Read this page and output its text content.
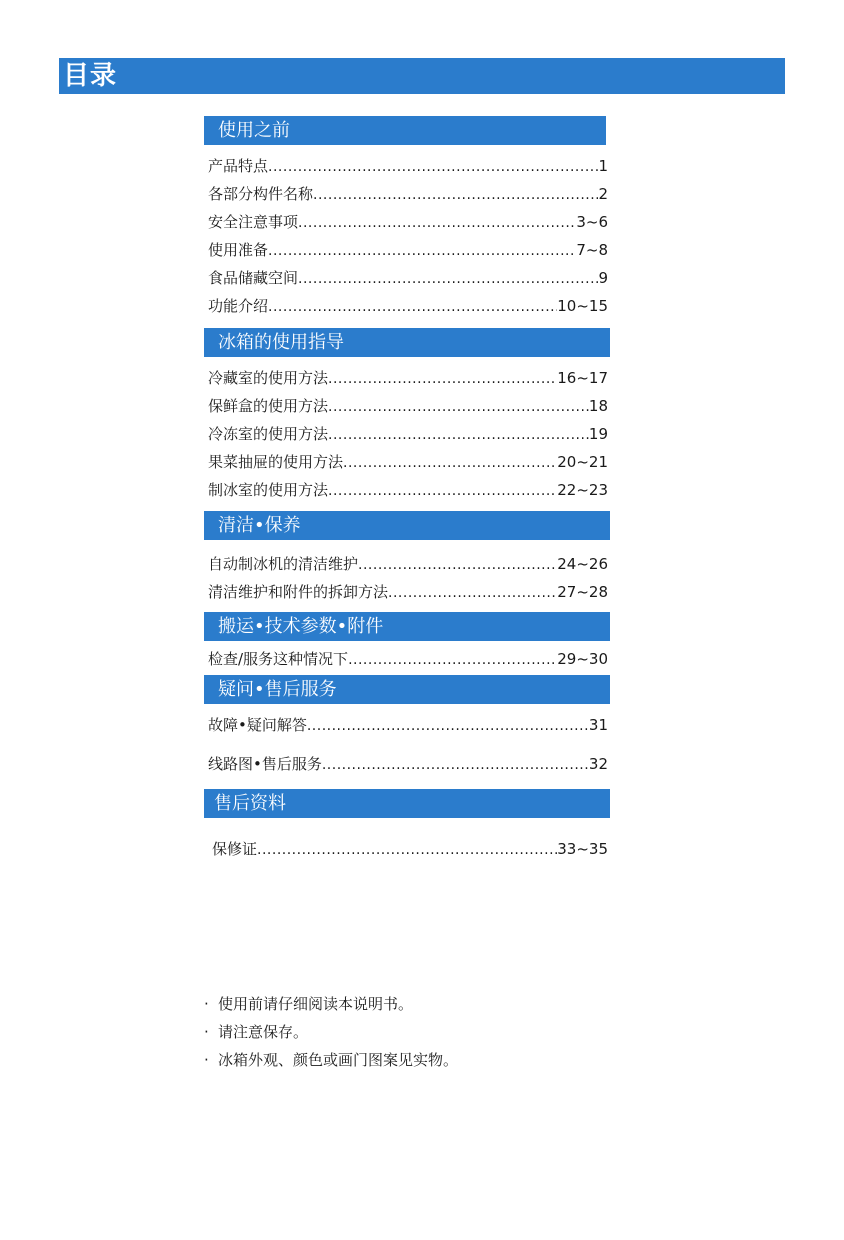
目录
使用之前
产品特点 .....	1
各部分构件名称 .....	2
安全注意事项 .....	3~6
使用准备 .....	7~8
食品储藏空间 .....	9
功能介绍 .....	10~15
冰箱的使用指导
冷藏室的使用方法 .....	16~17
保鲜盒的使用方法 .....	18
冷冻室的使用方法 .....	19
果菜抽屉的使用方法 .....	20~21
制冰室的使用方法 .....	22~23
清洁•保养
自动制冰机的清洁维护 .....	24~26
清洁维护和附件的拆卸方法 .....	27~28
搬运•技术参数•附件
检查/服务这种情况下 .....	29~30
疑问•售后服务
故障•疑问解答 .....	31
线路图•售后服务 .....	32
售后资料
保修证 .....	33~35
· 使用前请仔细阅读本说明书。
· 请注意保存。
· 冰箱外观、颜色或画门图案见实物。
